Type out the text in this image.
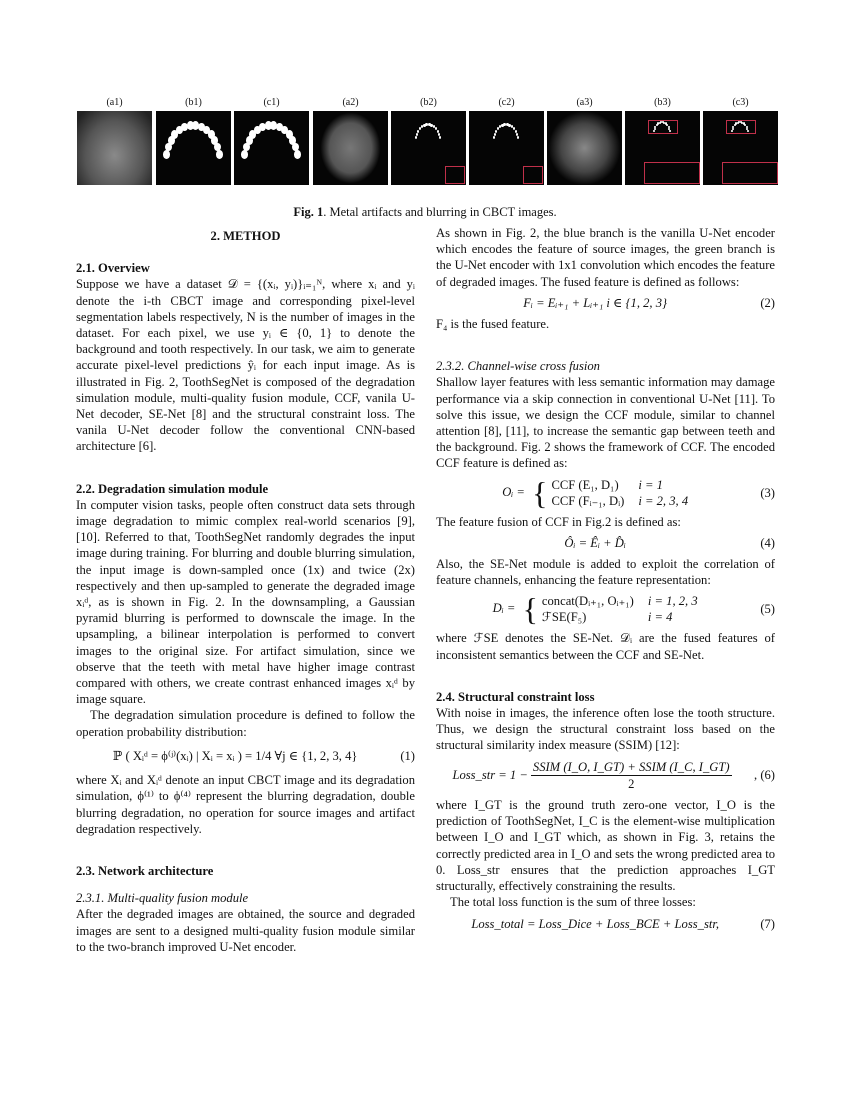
(a1)	(b1)	(c1)	(a2)	(b2)	(c2)	(a3)	(b3)	(c3)
Fig. 1. Metal artifacts and blurring in CBCT images.
2. METHOD
2.1. Overview

Suppose we have a dataset 𝒟 = {(xᵢ, yᵢ)}ᵢ₌₁ᴺ, where xᵢ and yᵢ denote the i-th CBCT image and corresponding pixel-level segmentation labels respectively, N is the number of images in the dataset. For each pixel, we use yᵢ ∈ {0, 1} to denote the background and tooth respectively. In our task, we aim to generate accurate pixel-level predictions ŷᵢ for each input image. As is illustrated in Fig. 2, ToothSegNet is composed of the degradation simulation module, multi-quality fusion module, CCF, vanila U-Net decoder, SE-Net [8] and the structural constraint loss. The vanila U-Net decoder follow the conventional CNN-based architecture [6].

2.2. Degradation simulation module

In computer vision tasks, people often construct data sets through image degradation to mimic complex real-world scenarios [9], [10]. Referred to that, ToothSegNet randomly degrades the input image during training. For blurring and double blurring simulation, the input image is down-sampled once (1x) and twice (2x) respectively and then up-sampled to generate the degraded image xᵢᵈ, as is shown in Fig. 2. In the downsampling, a Gaussian pyramid blurring is performed to downscale the image. In the upsampling, a bilinear interpolation is performed to convert images to the original size. For artifact simulation, since we observe that the teeth with metal have higher image contrast compared with others, we create contrast enhanced images xᵢᵈ by image square.

The degradation simulation procedure is defined to follow the operation probability distribution:

ℙ ( Xᵢᵈ = ϕ⁽ʲ⁾(xᵢ) | Xᵢ = xᵢ ) = 1/4 ∀j ∈ {1, 2, 3, 4}	(1)

where Xᵢ and Xᵢᵈ denote an input CBCT image and its degradation simulation, ϕ⁽¹⁾ to ϕ⁽⁴⁾ represent the blurring degradation, double blurring degradation, no operation for source images and artifact degradation respectively.

2.3. Network architecture
2.3.1. Multi-quality fusion module

After the degraded images are obtained, the source and degraded images are sent to a designed multi-quality fusion module similar to the two-branch improved U-Net encoder.

As shown in Fig. 2, the blue branch is the vanilla U-Net encoder which encodes the feature of source images, the green branch is the U-Net encoder with 1x1 convolution which encodes the feature of degraded images. The fused feature is defined as follows:

Fᵢ = Eᵢ₊₁ + Lᵢ₊₁ i ∈ {1, 2, 3}	(2)

F₄ is the fused feature.

2.3.2. Channel-wise cross fusion

Shallow layer features with less semantic information may damage performance via a skip connection in conventional U-Net [11]. To solve this issue, we design the CCF module, similar to channel attention [8], [11], to increase the semantic gap between teeth and the background. Fig. 2 shows the framework of CCF. The encoded CCF feature is defined as:

Oᵢ = { CCF (E₁, D₁)	i = 1
CCF (Fᵢ₋₁, Dᵢ) i = 2, 3, 4
(3)

The feature fusion of CCF in Fig.2 is defined as:

Ôᵢ = Êᵢ + D̂ᵢ	(4)

Also, the SE-Net module is added to exploit the correlation of feature channels, enhancing the feature representation:

Dᵢ = { concat(Dᵢ₊₁, Oᵢ₊₁) i = 1, 2, 3
ℱSE(F₅)	i = 4
(5)

where ℱSE denotes the SE-Net. 𝒟ᵢ are the fused features of inconsistent semantics between the CCF and SE-Net.

2.4. Structural constraint loss

With noise in images, the inference often lose the tooth structure. Thus, we design the structural constraint loss based on the structural similarity index measure (SSIM) [12]:

Loss_str = $1 - \frac{\text{SSIM (I\_O, I\_GT) + SSIM (I\_C, I\_GT)}}{2}$	, (6)

where I_GT is the ground truth zero-one vector, I_O is the prediction of ToothSegNet, I_C is the element-wise multiplication between I_O and I_GT which, as shown in Fig. 3, retains the correctly predicted area in I_O and sets the wrong predicted area to 0. Loss_str ensures that the prediction approaches I_GT structurally, effectively constraining the results.

The total loss function is the sum of three losses:

Loss_total = Loss_Dice + Loss_BCE + Loss_str,	(7)
